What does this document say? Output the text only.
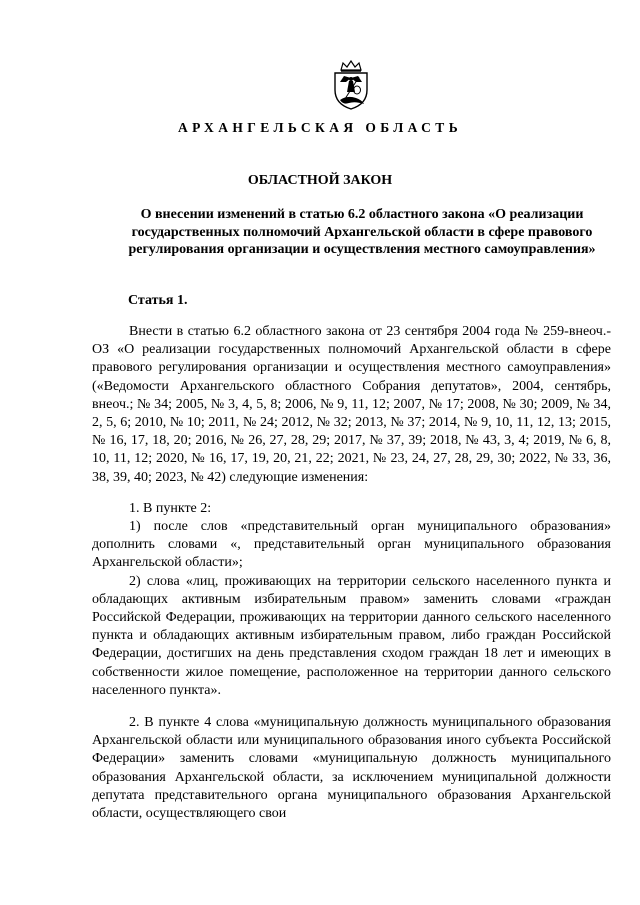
АРХАНГЕЛЬСКАЯ ОБЛАСТЬ
ОБЛАСТНОЙ ЗАКОН
О внесении изменений в статью 6.2 областного закона «О реализации государственных полномочий Архангельской области в сфере правового регулирования организации и осуществления местного самоуправления»
Статья 1.

Внести в статью 6.2 областного закона от 23 сентября 2004 года № 259-внеоч.-ОЗ «О реализации государственных полномочий Архангельской области в сфере правового регулирования организации и осуществления местного самоуправления» («Ведомости Архангельского областного Собрания депутатов», 2004, сентябрь, внеоч.; № 34; 2005, № 3, 4, 5, 8; 2006, № 9, 11, 12; 2007, № 17; 2008, № 30; 2009, № 34, 2, 5, 6; 2010, № 10; 2011, № 24; 2012, № 32; 2013, № 37; 2014, № 9, 10, 11, 12, 13; 2015, № 16, 17, 18, 20; 2016, № 26, 27, 28, 29; 2017, № 37, 39; 2018, № 43, 3, 4; 2019, № 6, 8, 10, 11, 12; 2020, № 16, 17, 19, 20, 21, 22; 2021, № 23, 24, 27, 28, 29, 30; 2022, № 33, 36, 38, 39, 40; 2023, № 42) следующие изменения:

1. В пункте 2:

1) после слов «представительный орган муниципального образования» дополнить словами «, представительный орган муниципального образования Архангельской области»;

2) слова «лиц, проживающих на территории сельского населенного пункта и обладающих активным избирательным правом» заменить словами «граждан Российской Федерации, проживающих на территории данного сельского населенного пункта и обладающих активным избирательным правом, либо граждан Российской Федерации, достигших на день представления сходом граждан 18 лет и имеющих в собственности жилое помещение, расположенное на территории данного сельского населенного пункта».

2. В пункте 4 слова «муниципальную должность муниципального образования Архангельской области или муниципального образования иного субъекта Российской Федерации» заменить словами «муниципальную должность муниципального образования Архангельской области, за исключением муниципальной должности депутата представительного органа муниципального образования Архангельской области, осуществляющего свои
